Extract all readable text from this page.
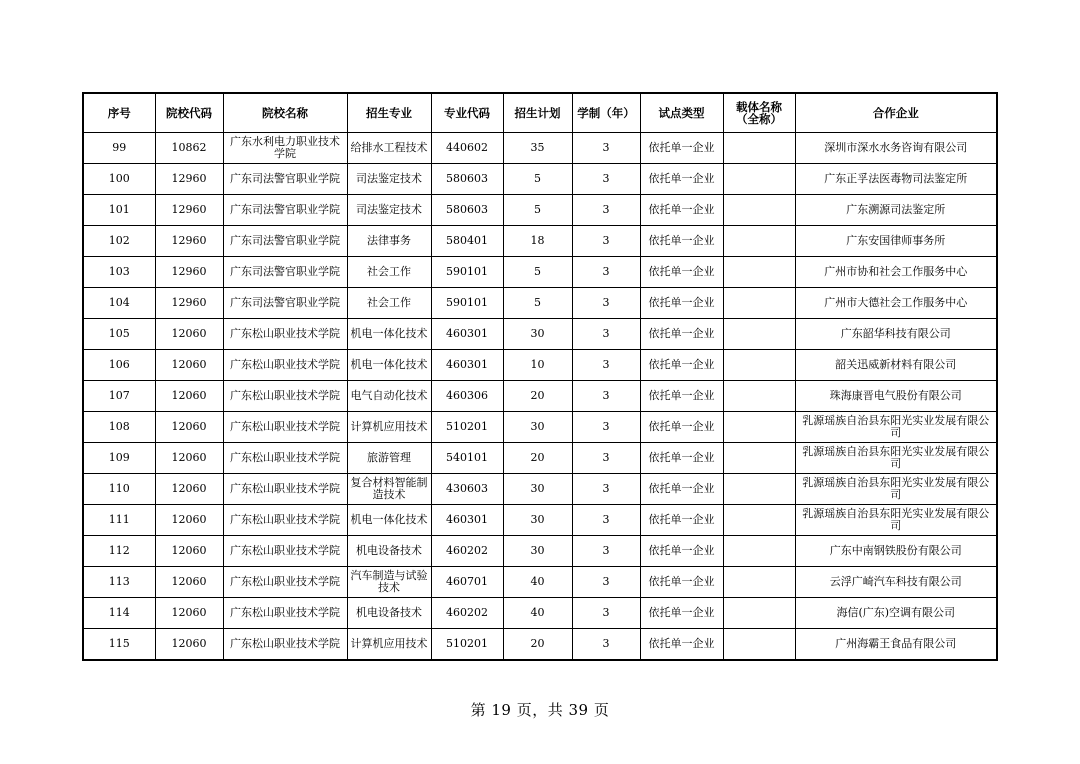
序号	院校代码	院校名称	招生专业	专业代码	招生计划	学制（年）	试点类型	载体名称（全称）	合作企业
99	10862	广东水利电力职业技术学院	给排水工程技术	440602	35	3	依托单一企业		深圳市深水水务咨询有限公司
100	12960	广东司法警官职业学院	司法鉴定技术	580603	5	3	依托单一企业		广东正孚法医毒物司法鉴定所
101	12960	广东司法警官职业学院	司法鉴定技术	580603	5	3	依托单一企业		广东溯源司法鉴定所
102	12960	广东司法警官职业学院	法律事务	580401	18	3	依托单一企业		广东安国律师事务所
103	12960	广东司法警官职业学院	社会工作	590101	5	3	依托单一企业		广州市协和社会工作服务中心
104	12960	广东司法警官职业学院	社会工作	590101	5	3	依托单一企业		广州市大德社会工作服务中心
105	12060	广东松山职业技术学院	机电一体化技术	460301	30	3	依托单一企业		广东韶华科技有限公司
106	12060	广东松山职业技术学院	机电一体化技术	460301	10	3	依托单一企业		韶关迅威新材料有限公司
107	12060	广东松山职业技术学院	电气自动化技术	460306	20	3	依托单一企业		珠海康晋电气股份有限公司
108	12060	广东松山职业技术学院	计算机应用技术	510201	30	3	依托单一企业		乳源瑶族自治县东阳光实业发展有限公司
109	12060	广东松山职业技术学院	旅游管理	540101	20	3	依托单一企业		乳源瑶族自治县东阳光实业发展有限公司
110	12060	广东松山职业技术学院	复合材料智能制造技术	430603	30	3	依托单一企业		乳源瑶族自治县东阳光实业发展有限公司
111	12060	广东松山职业技术学院	机电一体化技术	460301	30	3	依托单一企业		乳源瑶族自治县东阳光实业发展有限公司
112	12060	广东松山职业技术学院	机电设备技术	460202	30	3	依托单一企业		广东中南钢铁股份有限公司
113	12060	广东松山职业技术学院	汽车制造与试验技术	460701	40	3	依托单一企业		云浮广崎汽车科技有限公司
114	12060	广东松山职业技术学院	机电设备技术	460202	40	3	依托单一企业		海信(广东)空调有限公司
115	12060	广东松山职业技术学院	计算机应用技术	510201	20	3	依托单一企业		广州海霸王食品有限公司
第 19 页，共 39 页
